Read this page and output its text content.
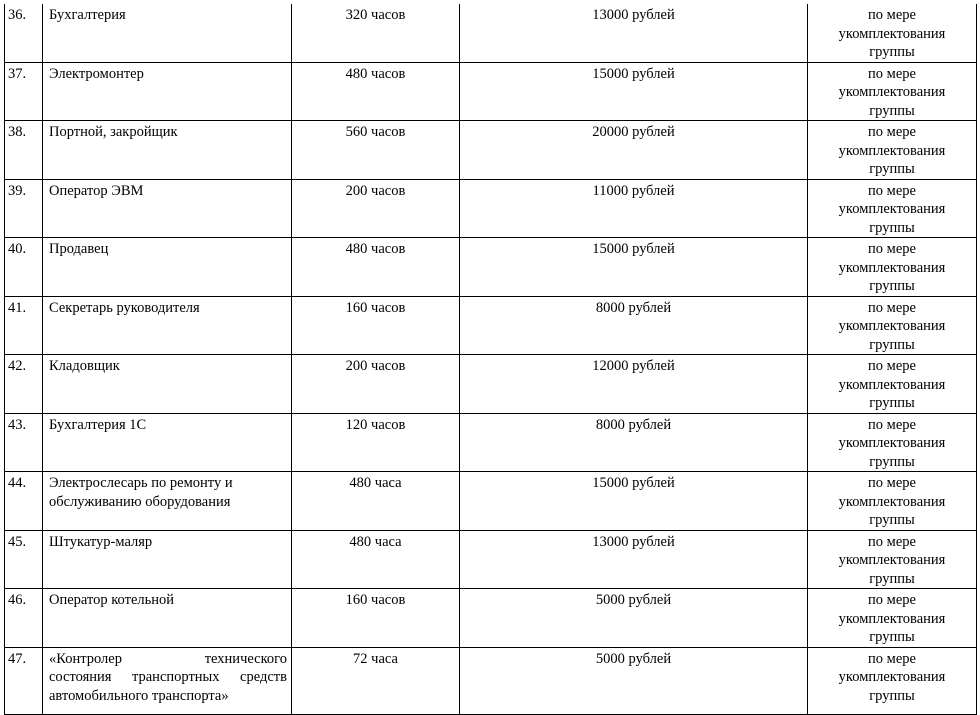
36.	Бухгалтерия	320 часов	13000 рублей	по мере
укомплектования
группы

37.	Электромонтер	480 часов	15000 рублей	по мере
укомплектования
группы

38.	Портной, закройщик	560 часов	20000 рублей	по мере
укомплектования
группы

39.	Оператор ЭВМ	200 часов	11000 рублей	по мере
укомплектования
группы

40.	Продавец	480 часов	15000 рублей	по мере
укомплектования
группы

41.	Секретарь руководителя	160 часов	8000 рублей	по мере
укомплектования
группы

42.	Кладовщик	200 часов	12000 рублей	по мере
укомплектования
группы

43.	Бухгалтерия 1С	120 часов	8000 рублей	по мере
укомплектования
группы

44.	Электрослесарь по ремонту и обслуживанию оборудования	480 часа	15000 рублей	по мере
укомплектования
группы

45.	Штукатур-маляр	480 часа	13000 рублей	по мере
укомплектования
группы

46.	Оператор котельной	160 часов	5000 рублей	по мере
укомплектования
группы

47.	«Контролер технического
состояния транспортных средств
автомобильного транспорта»	72 часа	5000 рублей	по мере
укомплектования
группы
